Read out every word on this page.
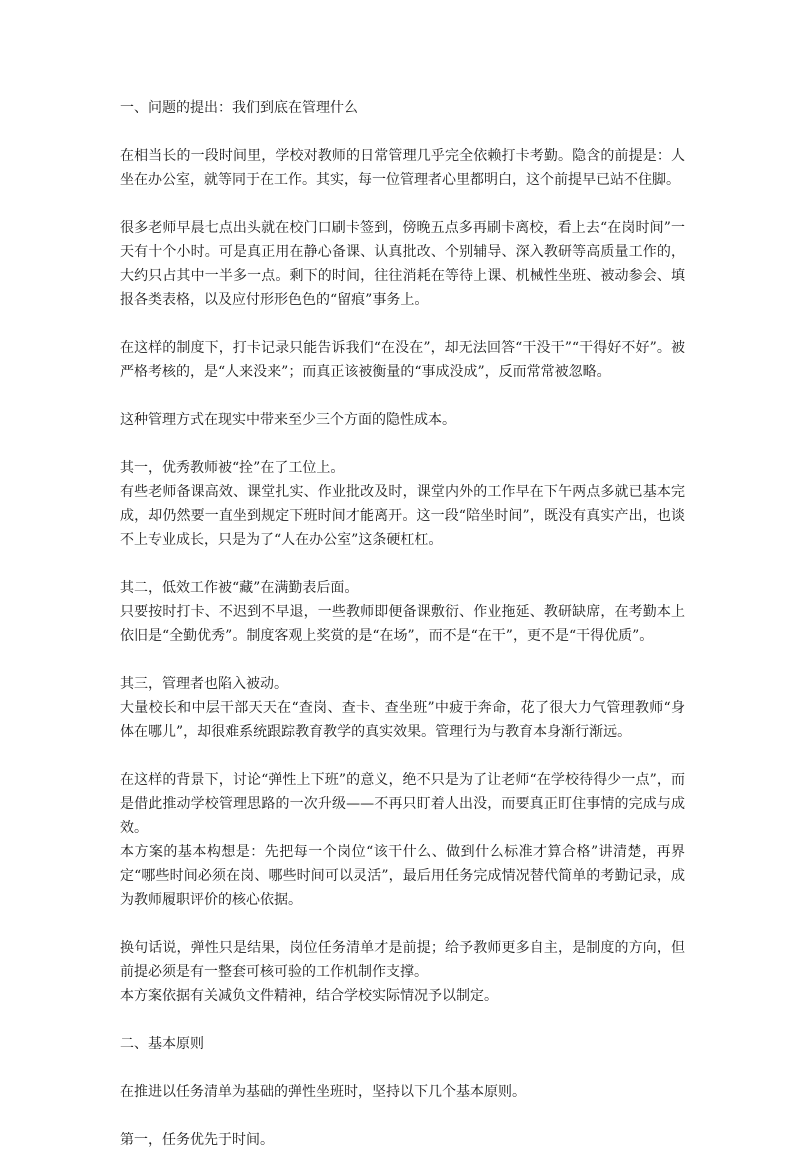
一、问题的提出：我们到底在管理什么

在相当长的一段时间里，学校对教师的日常管理几乎完全依赖打卡考勤。隐含的前提是：人坐在办公室，就等同于在工作。其实，每一位管理者心里都明白，这个前提早已站不住脚。

很多老师早晨七点出头就在校门口刷卡签到，傍晚五点多再刷卡离校，看上去“在岗时间”一天有十个小时。可是真正用在静心备课、认真批改、个别辅导、深入教研等高质量工作的，大约只占其中一半多一点。剩下的时间，往往消耗在等待上课、机械性坐班、被动参会、填报各类表格，以及应付形形色色的“留痕”事务上。

在这样的制度下，打卡记录只能告诉我们“在没在”，却无法回答“干没干”“干得好不好”。被严格考核的，是“人来没来”；而真正该被衡量的“事成没成”，反而常常被忽略。

这种管理方式在现实中带来至少三个方面的隐性成本。

其一，优秀教师被“拴”在了工位上。

有些老师备课高效、课堂扎实、作业批改及时，课堂内外的工作早在下午两点多就已基本完成，却仍然要一直坐到规定下班时间才能离开。这一段“陪坐时间”，既没有真实产出，也谈不上专业成长，只是为了“人在办公室”这条硬杠杠。

其二，低效工作被“藏”在满勤表后面。

只要按时打卡、不迟到不早退，一些教师即便备课敷衍、作业拖延、教研缺席，在考勤本上依旧是“全勤优秀”。制度客观上奖赏的是“在场”，而不是“在干”，更不是“干得优质”。

其三，管理者也陷入被动。

大量校长和中层干部天天在“查岗、查卡、查坐班”中疲于奔命，花了很大力气管理教师“身体在哪儿”，却很难系统跟踪教育教学的真实效果。管理行为与教育本身渐行渐远。

在这样的背景下，讨论“弹性上下班”的意义，绝不只是为了让老师“在学校待得少一点”，而是借此推动学校管理思路的一次升级——不再只盯着人出没，而要真正盯住事情的完成与成效。

本方案的基本构想是：先把每一个岗位“该干什么、做到什么标准才算合格”讲清楚，再界定“哪些时间必须在岗、哪些时间可以灵活”，最后用任务完成情况替代简单的考勤记录，成为教师履职评价的核心依据。

换句话说，弹性只是结果，岗位任务清单才是前提；给予教师更多自主，是制度的方向，但前提必须是有一整套可核可验的工作机制作支撑。

本方案依据有关减负文件精神，结合学校实际情况予以制定。

二、基本原则

在推进以任务清单为基础的弹性坐班时，坚持以下几个基本原则。

第一，任务优先于时间。
